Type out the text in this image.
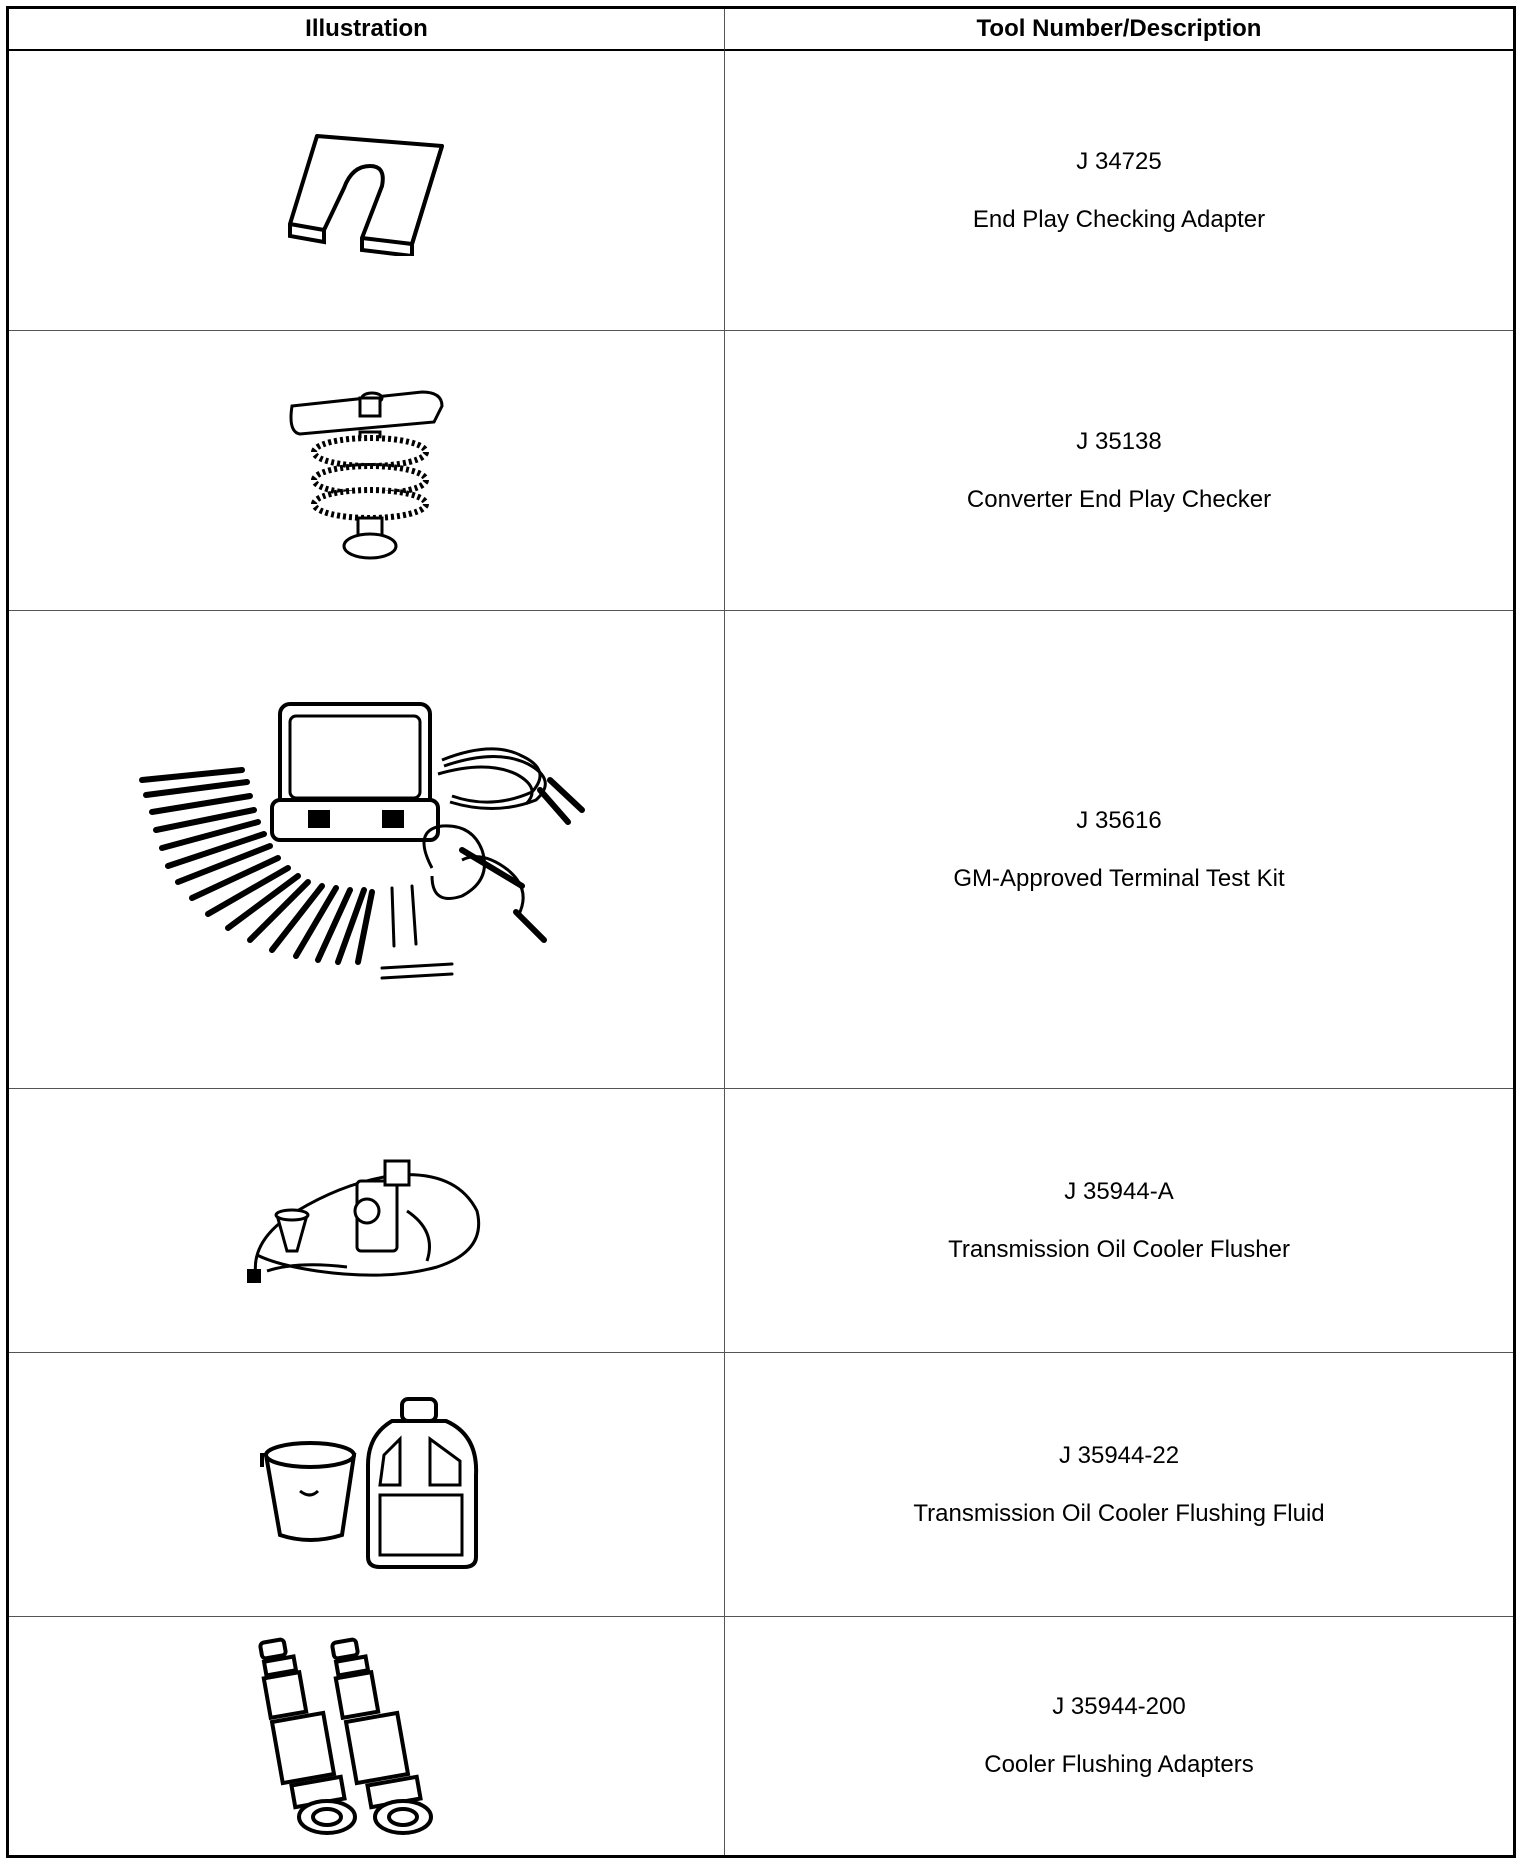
Illustration	Tool Number/Description
J 34725
End Play Checking Adapter
J 35138
Converter End Play Checker
J 35616
GM-Approved Terminal Test Kit
J 35944-A
Transmission Oil Cooler Flusher
J 35944-22
Transmission Oil Cooler Flushing Fluid
J 35944-200
Cooler Flushing Adapters
